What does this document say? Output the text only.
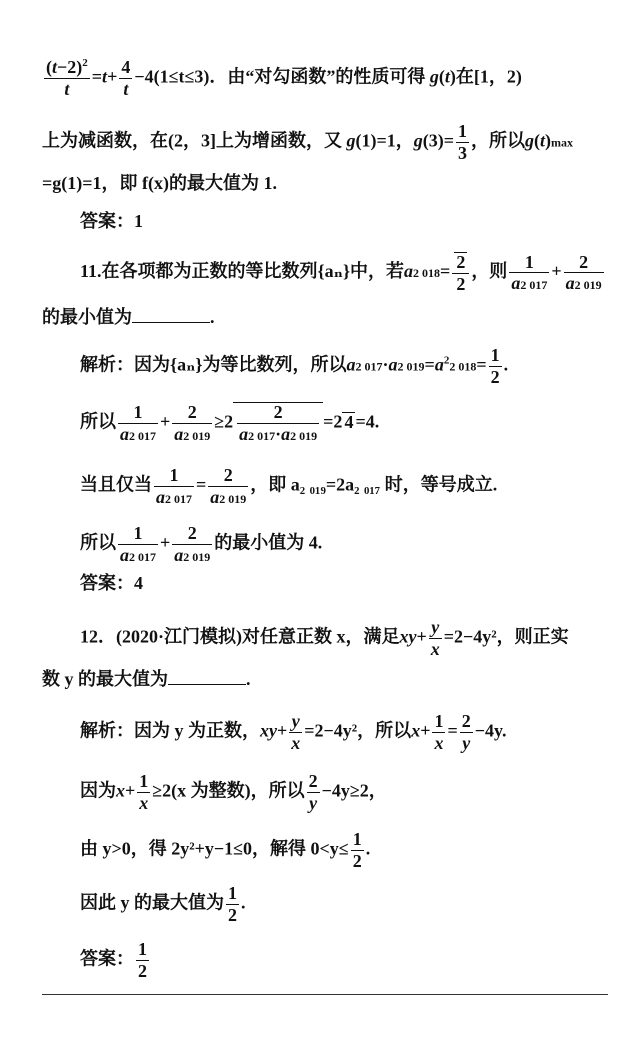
$\frac{(t-2)^2}{t} =t+ \frac{4}{t} -4(1\le t\le 3)$．由“对勾函数”的性质可得 g(t)在[1，2)
上为减函数，在(2，3]上为增函数，又 g(1)=1，$g(3)= \frac{1}{3}$ ，所以g(t)max
=g(1)=1，即 f(x)的最大值为 1.
答案：1
11.在各项都为正数的等比数列{aₙ}中，若a2 $018= \frac{2}{2}$ ，则 $\frac{1}{a2 017} + \frac{2}{a2 019}$
的最小值为	.
解析：因为{aₙ}为等比数列，所以a2 017·a2 $019=a^22$ $018= \frac{1}{2}$ .
所以 $\frac{1}{a2 017} + \frac{2}{a2 019} \ge 2 \frac{2}{a2 017\cdot a2 019} =2$ 4 =4.
当且仅当 $\frac{1}{a2 017} = \frac{2}{a2 019}$ ，即 a₂ ₀₁₉=2a₂ ₀₁₇ 时，等号成立.
所以 $\frac{1}{a2 017} + \frac{2}{a2 019}$ 的最小值为 4.
答案：4
12．(2020·江门模拟)对任意正数 x，满足$xy+ \frac{y}{x} =2-4y^2$，则正实
数 y 的最大值为	.
解析：因为 y 为正数，$xy+ \frac{y}{x} =2-4y^2$，所以$x+ \frac{1}{x} = \frac{2}{y} -4y$.
因为$x+ \frac{1}{x} \ge 2(x$ 为整数)，所以 $\frac{2}{y} -4y\ge 2$，
由 y>0，得 2y²+y−1≤0，解得 $0<y\le \frac{1}{2}$ .
因此 y 的最大值为 $\frac{1}{2}$ .
答案： $\frac{1}{2}$
